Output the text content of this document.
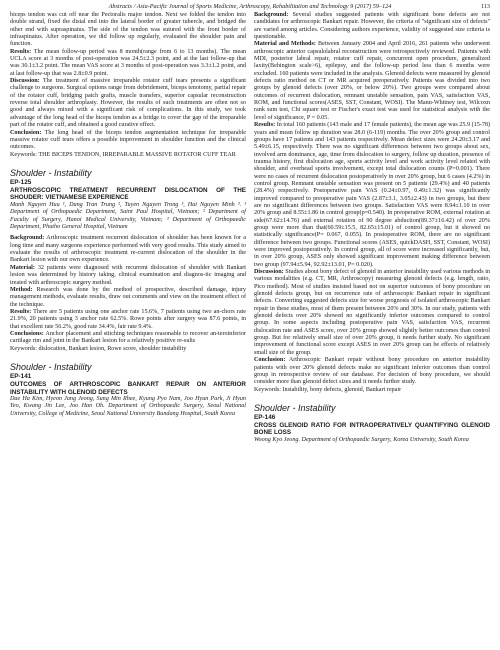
Abstracts / Asia-Pacific Journal of Sports Medicine, Arthroscopy, Rehabilitation and Technology 9 (2017) 59–124	113

biceps tendon was cut off near the Pectoralis major tendon. Next we folded the tendon into double strand, fixed the distal end into the lateral border of greater tubercle, and bridged the other end with supraspinatus. The side of the tendon was sutured with the front border of infraspinatus. After operation, we did follow up regularly, evaluated the shoulder pain and function.

Results: The mean follow-up period was 8 month(range from 6 to 13 months). The mean UCLA score at 3 months of post-operation was 24.5±2.3 point, and at the last follow-up that was 30.1±3.2 point. The mean VAS score at 3 months of post-operation was 3.3±1.2 point, and at last follow-up that was 2.8±0.9 point.

Discussion: The treatment of massive irreparable rotator cuff tears presents a significant challenge to surgeons. Surgical options range from debridement, biceps tenotomy, partial repair of the rotator cuff, bridging patch grafts, muscle transfers, superior capsular reconstruction reverse total shoulder arthroplasty. However, the results of such treatments are often not so good and always mixed with a significant risk of complications. In this study, we took advantage of the long head of the biceps tendon as a bridge to cover the gap of the irreparable part of the rotator cuff, and obtained a good curative effect.

Conclusion: The long head of the biceps tendon augmentation technique for irreparable massive rotator cuff tears offers a possible improvement in shoulder function and the clinical outcomes.

Keywords: THE BICEPS TENDON, IRREPARABLE MASSIVE ROTATOR CUFF TEAR

Shoulder - Instability
EP-125
ARTHROSCOPIC TREATMENT RECURRENT DISLOCATION OF THE SHOUDER: VIETNAMESE EXPERIENCE

Manh Nguyen Huu ¹, Dung Tran Trung ², Tuyen Nguyen Trong ³, Hai Nguyen Minh ³. ¹ Department of Orthopaedic Department, Saint Paul Hospital, Vietnam; ² Department of Faculty of Surgery, Hanoi Medical University, Vietnam; ³ Department of Orthopaedic Department, Phutho General Hospital, Vietnam

Background: Arthroscopic treatment recurrent dislocation of shoulder has been known for a long time and many surgeons experience performed with very good results. This study aimed to evaluate the results of arthroscopic treatment re-current dislocation of the shoulder in the Bankart lesion with our own experience.

Material: 32 patients were diagnosed with recurrent dislocation of shoulder with Bankart lesion was determined by history taking, clinical examination and diagnos-tic imaging and treated with arthroscopic surgery method.

Method: Research was done by the method of prospective, described damage, injury management methods, evaluate results, draw out comments and view on the treatment effect of the technique.

Results: There are 5 patients using one anchor rate 15.6%, 7 patients using two an-chors rate 21.9%, 20 patients using 3 anchor rate 62.5%. Rowe points after surgery was 87.6 points, in that excellent rate 56.2%, good rate 34.4%, fair rate 9.4%.

Conclusions: Anchor placement and stitching techniques reasonable to recover an-teroinferior cartilage rim and joint in the Bankart lesion for a relatively positive re-sults

Keywords: dislocation, Bankart lesion, Rowe score, shoulder instability

Shoulder - Instability
EP-141
OUTCOMES OF ARTHROSCOPIC BANKART REPAIR ON ANTERIOR INSTABILITY WITH GLENOID DEFECTS

Dae Ha Kim, Hyeon Jang Jeong, Sung Min Rhee, Kyung Pyo Nam, Joo Hyun Park, Ji Hyun Yeo, Kwang Jin Lee, Joo Han Oh. Department of Orthopaedic Surgery, Seoul National University, College of Medicine, Seoul National University Bundang Hospital, South Korea

Background: Several studies suggested patients with significant bone defects are not candidates for arthroscopic Bankart repair. However, the criteria of "significant size of defects" are varied among articles. Considering authors experience, validity of suggested size criteria is questionable.

Material and Methods: Between January 2004 and April 2016, 261 patients who underwent arthroscopic anterior capsulolabral reconstruction were retrospectively reviewed. Patients with MDI, posterior labral repair, rotator cuff repair, concurrent open procedure, generalized laxity(Behington scale>6), epilepsy, and the follow-up period less than 6 months were excluded. 160 patients were included in the analysis. Glenoid defects were measured by glenoid defects ratio method on CT or MR acquired preoperatively. Patients was divided into two groups by glenoid defects (over 20%, or below 20%). Two groups were compared about outcomes of recurrent dislocation, remnant unstable sensation, pain VAS, satisfaction VAS, ROM, and functional scores(ASES, SST, Constant, WOSI). The Mann-Whitney test, Wilcoxn rank sum test, Chi square test or Fischer's exact test was used for statistical analysis with the level of significance, P = 0.05.

Results: In total 160 patients (143 male and 17 female patients), the mean age was 25.9 (15-78) years and mean follow up duration was 28.0 (6-119) months. The over 20% group and control groups have 17 patients and 143 patients respectively. Mean defect sizes were 24.20±3.17 and 5.49±6.15, respectively. There was no significant differences between two groups about sex, involved arm dominance, age, time from dislocation to surgery, follow up duration, presence of trauma history, first dislocation age, sports activity level and work activity level related with shoulder, and overhead sports involvement, except total dislocation counts (P=0.001). There were no cases of recurrent dislocation postoperatively in over 20% group, but 6 cases (4.2%) in control group. Remnant unstable sensation was present on 5 patients (29.4%) and 40 patients (28.4%) respectively. Postoperative pain VAS (0.24±0.97, 0.49±1.32) was significantly improved compared to preoperative pain VAS (2.87±3.1, 3.05±2.43) in two groups, but there are no significant differences between two groups. Satisfaction VAS were 8.94±1.10 in over 20% group and 8.55±1.86 in control group(p=0.540). In preoperative ROM, external rotation at side(67.62±14.76) and external rotation of 90 degree abduction(89.37±16.42) of over 20% group were more than that(60.59±15.5, 82.65±15.01) of control group, but it showed no statistically significance(P= 0.067, 0.055). In postoperative ROM, there are no significant difference between two groups. Functional scores (ASES, quickDASH, SST, Constant, WOSI) were improved postoperatively. In control group, all of score were increased significantly, but, in over 20% group, ASES only showed significant improvement making difference between two group (97.94±5.94, 92.92±13.01, P= 0.020).

Discussion: Studies about bony defect of glenoid in anterior instability used various methods in various modalities (e.g. CT, MR, Arthroscopy) measuring glenoid defects (e.g. length, ratio, Pico method). Most of studies insisted based not on superior outcomes of bony procedure on glenoid defects group, but on recurrence rate of arthroscopic Bankart repair in significant defects. Converting suggested defects size for worse prognosis of isolated arthroscopic Bankart repair in these studies, most of them present between 20% and 30%. In our study, patients with glenoid defects over 20% showed no significantly inferior outcomes compared to control group. In some aspects including postoperative pain VAS, satisfaction VAS, recurrent dislocation rate and ASES score, over 20% group showed slightly better outcomes than control group. But for relatively small size of over 20% group, it needs further study. No significant improvement of functional score except ASES in over 20% group can be effects of relatively small size of the group.

Conclusion: Arthroscopic Bankart repair without bony procedure on anterior instability patients with over 20% glenoid defects make no significant inferior outcomes than control group in retrospective review of our database. For decision of bony procedure, we should consider more than glenoid defect sizes and it needs further study.

Keywords: Instability, bony defects, glenoid, Bankart repair

Shoulder - Instability
EP-146
CROSS GLENOID RATIO FOR INTRAOPERATIVELY QUANTIFYING GLENOID BONE LOSS

Woong Kyo Jeong. Department of Orthopaedic Surgery, Korea University, South Korea
